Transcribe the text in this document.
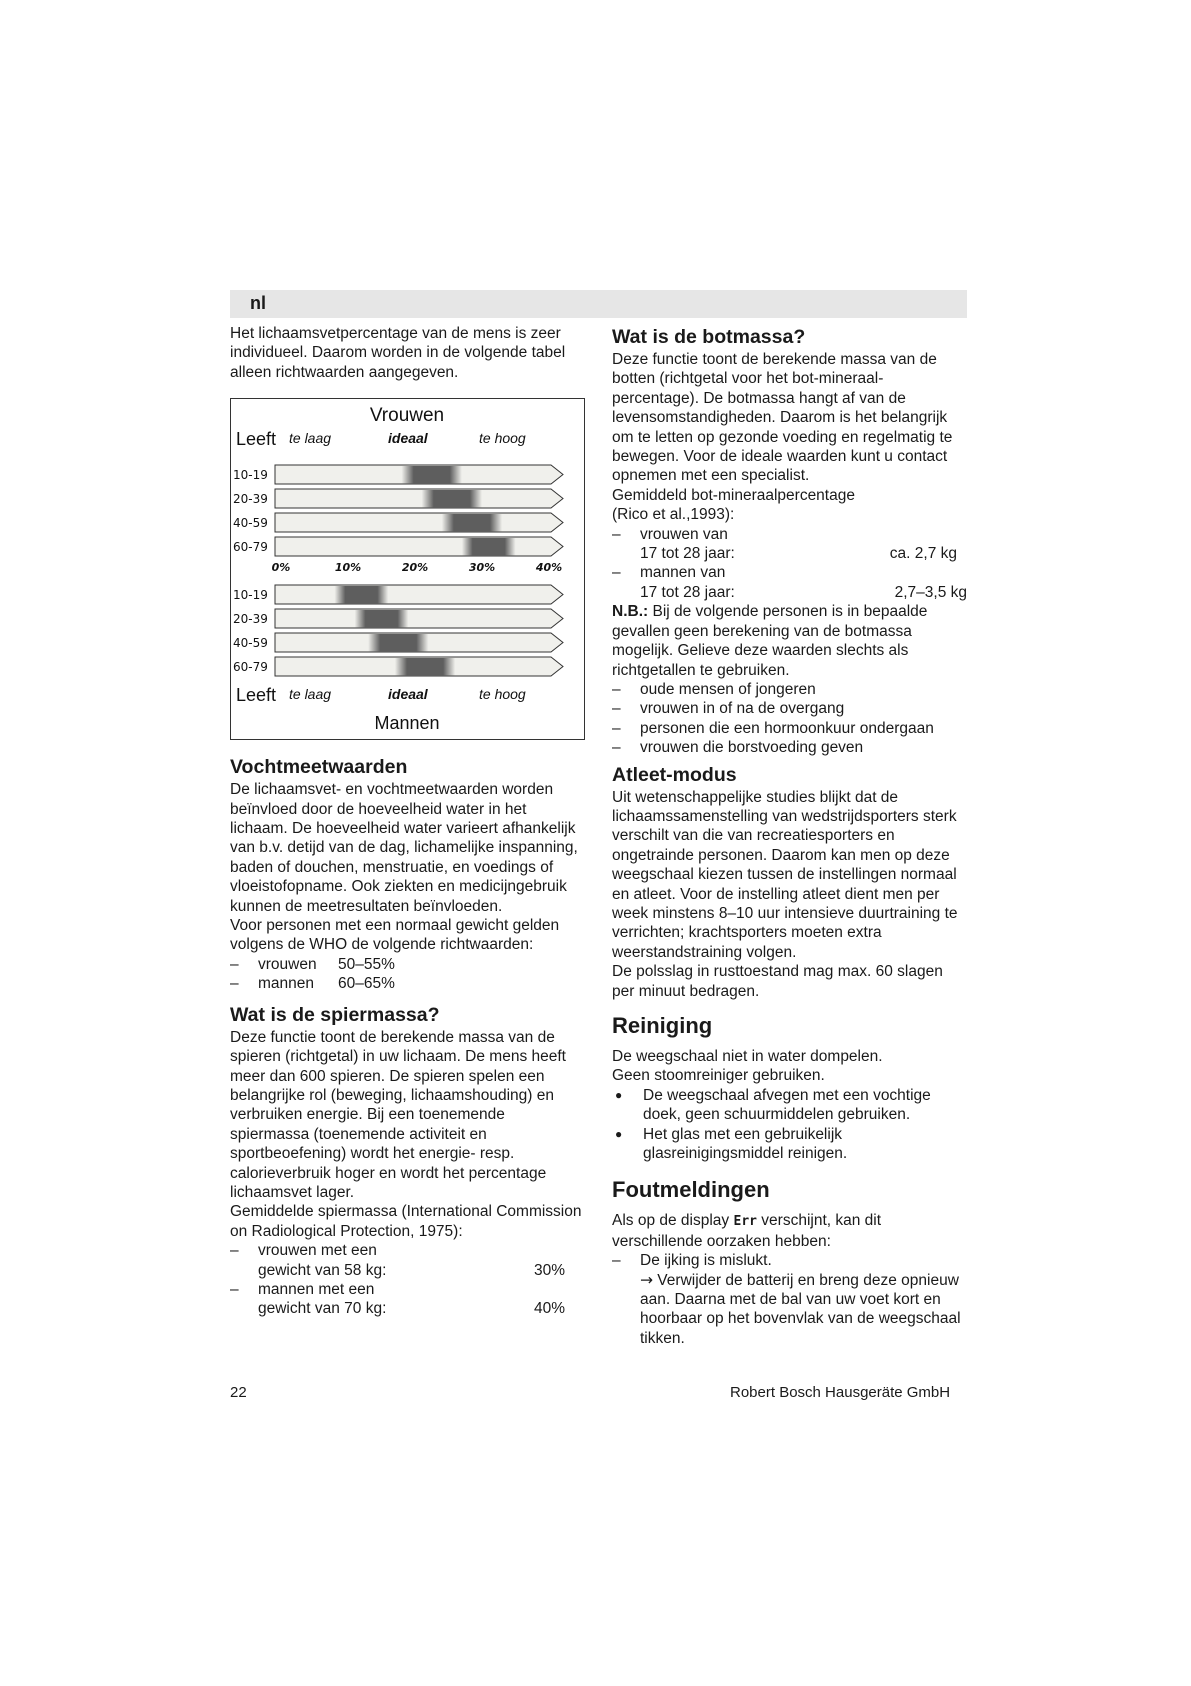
nl

Het lichaamsvetpercentage van de mens is zeer individueel. Daarom worden in de volgende tabel alleen richtwaarden aangegeven.

Vrouwen
Mannen
Leeft te laag	ideaal	te hoog
Leeft te laag	ideaal	te hoog
10-19
20-39
40-59
60-79
10-19
20-39
40-59
60-79
0%	10%	20%	30%	40%
Vochtmeetwaarden

De lichaamsvet- en vochtmeetwaarden worden beïnvloed door de hoeveelheid water in het lichaam. De hoeveelheid water varieert afhankelijk van b.v. detijd van de dag, lichamelijke inspanning, baden of douchen, menstruatie, en voedings of vloeistofopname. Ook ziekten en medicijngebruik kunnen de meetresultaten beïnvloeden.

Voor personen met een normaal gewicht gelden volgens de WHO de volgende richtwaarden:

–	vrouwen 50–55%
–	mannen 60–65%
Wat is de spiermassa?

Deze functie toont de berekende massa van de spieren (richtgetal) in uw lichaam. De mens heeft meer dan 600 spieren. De spieren spelen een belangrijke rol (beweging, lichaamshouding) en verbruiken energie. Bij een toenemende spiermassa (toenemende activiteit en sportbeoefening) wordt het energie- resp. calorieverbruik hoger en wordt het percentage lichaamsvet lager.

Gemiddelde spiermassa (International Commission on Radiological Protection, 1975):

–	vrouwen met een
gewicht van 58 kg:	30%
–	mannen met een
gewicht van 70 kg:	40%
Wat is de botmassa?

Deze functie toont de berekende massa van de botten (richtgetal voor het bot-mineraal-percentage). De botmassa hangt af van de levensomstandigheden. Daarom is het belangrijk om te letten op gezonde voeding en regelmatig te bewegen. Voor de ideale waarden kunt u contact opnemen met een specialist.

Gemiddeld bot-mineraalpercentage

(Rico et al.,1993):

–	vrouwen van
17 tot 28 jaar:	ca. 2,7 kg
–	mannen van
17 tot 28 jaar:	2,7–3,5 kg

N.B.: Bij de volgende personen is in bepaalde gevallen geen berekening van de botmassa mogelijk. Gelieve deze waarden slechts als richtgetallen te gebruiken.

–	oude mensen of jongeren
–	vrouwen in of na de overgang
–	personen die een hormoonkuur ondergaan
–	vrouwen die borstvoeding geven
Atleet-modus

Uit wetenschappelijke studies blijkt dat de lichaamssamenstelling van wedstrijdsporters sterk verschilt van die van recreatiesporters en ongetrainde personen. Daarom kan men op deze weegschaal kiezen tussen de instellingen normaal en atleet. Voor de instelling atleet dient men per week minstens 8–10 uur intensieve duurtraining te verrichten; krachtsporters moeten extra weerstandstraining volgen.

De polsslag in rusttoestand mag max. 60 slagen per minuut bedragen.

Reiniging

De weegschaal niet in water dompelen.

Geen stoomreiniger gebruiken.

●	De weegschaal afvegen met een vochtige doek, geen schuurmiddelen gebruiken.
●	Het glas met een gebruikelijk glasreinigingsmiddel reinigen.
Foutmeldingen

Als op de display Err verschijnt, kan dit verschillende oorzaken hebben:

–	De ijking is mislukt.
→ Verwijder de batterij en breng deze opnieuw aan. Daarna met de bal van uw voet kort en hoorbaar op het bovenvlak van de weegschaal tikken.
22	Robert Bosch Hausgeräte GmbH
